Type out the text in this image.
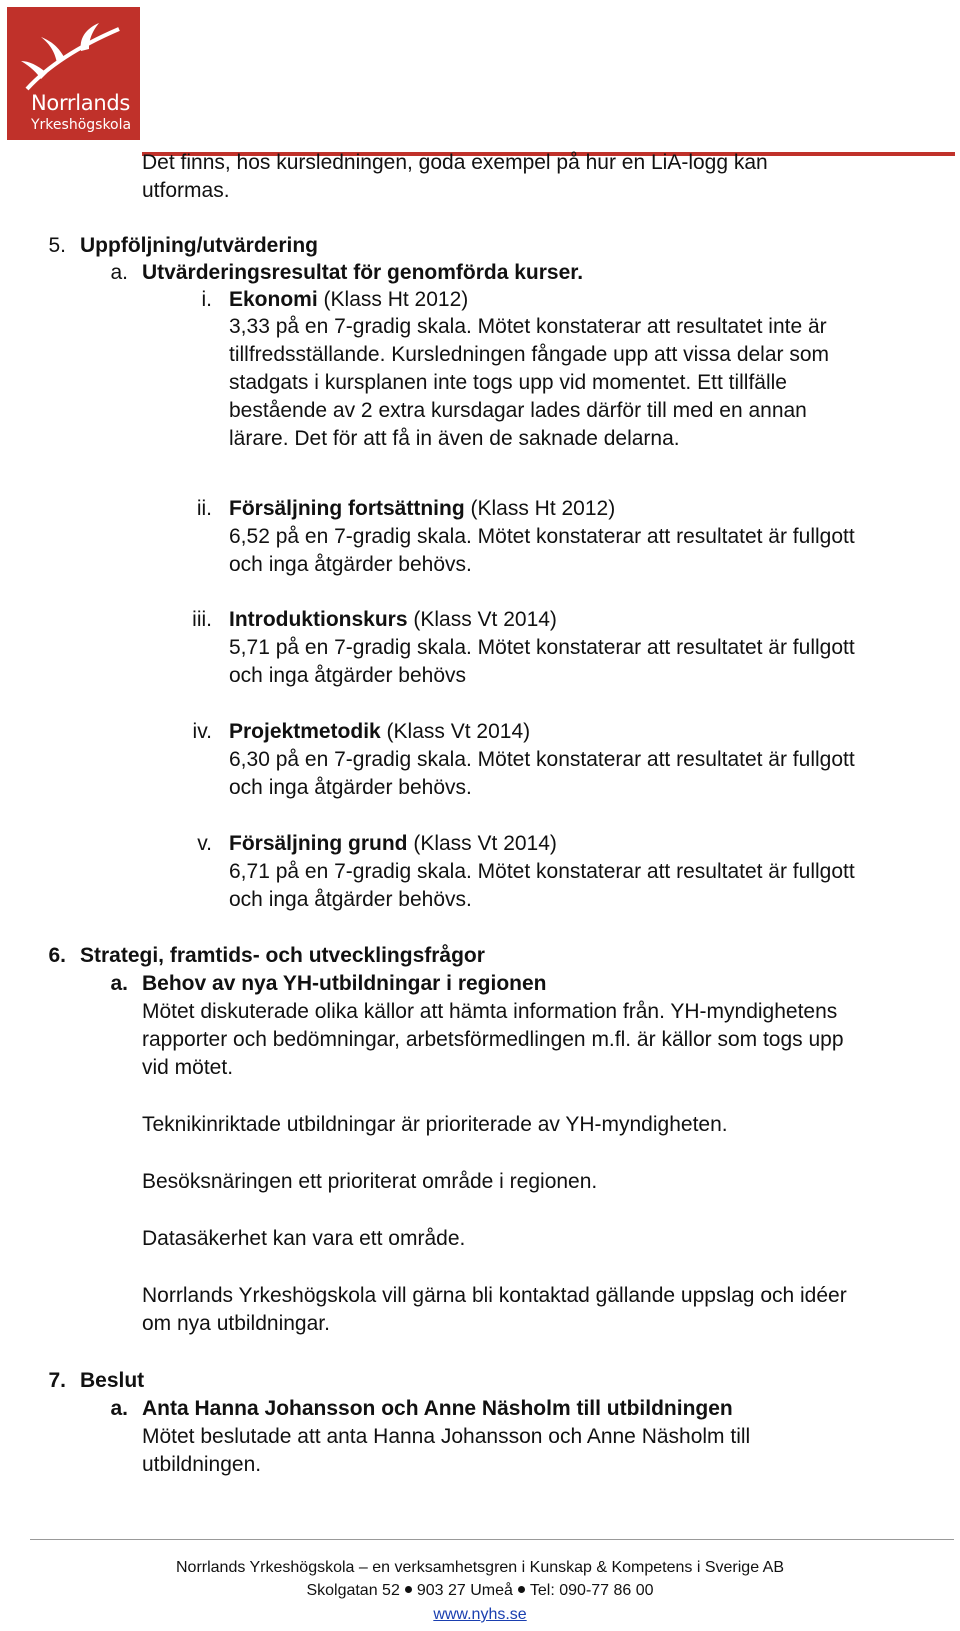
Norrlands
Yrkeshögskola
Det finns, hos kursledningen, goda exempel på hur en LiA-logg kan
utformas.
5. Uppföljning/utvärdering
a. Utvärderingsresultat för genomförda kurser.
i. Ekonomi (Klass Ht 2012)
3,33 på en 7-gradig skala. Mötet konstaterar att resultatet inte är
tillfredsställande. Kursledningen fångade upp att vissa delar som
stadgats i kursplanen inte togs upp vid momentet. Ett tillfälle
bestående av 2 extra kursdagar lades därför till med en annan
lärare. Det för att få in även de saknade delarna.
ii. Försäljning fortsättning (Klass Ht 2012)
6,52 på en 7-gradig skala. Mötet konstaterar att resultatet är fullgott
och inga åtgärder behövs.
iii. Introduktionskurs (Klass Vt 2014)
5,71 på en 7-gradig skala. Mötet konstaterar att resultatet är fullgott
och inga åtgärder behövs
iv. Projektmetodik (Klass Vt 2014)
6,30 på en 7-gradig skala. Mötet konstaterar att resultatet är fullgott
och inga åtgärder behövs.
v. Försäljning grund (Klass Vt 2014)
6,71 på en 7-gradig skala. Mötet konstaterar att resultatet är fullgott
och inga åtgärder behövs.
6. Strategi, framtids- och utvecklingsfrågor
a. Behov av nya YH-utbildningar i regionen
Mötet diskuterade olika källor att hämta information från. YH-myndighetens
rapporter och bedömningar, arbetsförmedlingen m.fl. är källor som togs upp
vid mötet.
Teknikinriktade utbildningar är prioriterade av YH-myndigheten.
Besöksnäringen ett prioriterat område i regionen.
Datasäkerhet kan vara ett område.
Norrlands Yrkeshögskola vill gärna bli kontaktad gällande uppslag och idéer
om nya utbildningar.
7. Beslut
a. Anta Hanna Johansson och Anne Näsholm till utbildningen
Mötet beslutade att anta Hanna Johansson och Anne Näsholm till
utbildningen.
Norrlands Yrkeshögskola – en verksamhetsgren i Kunskap & Kompetens i Sverige AB
Skolgatan 52 903 27 Umeå Tel: 090-77 86 00
www.nyhs.se
